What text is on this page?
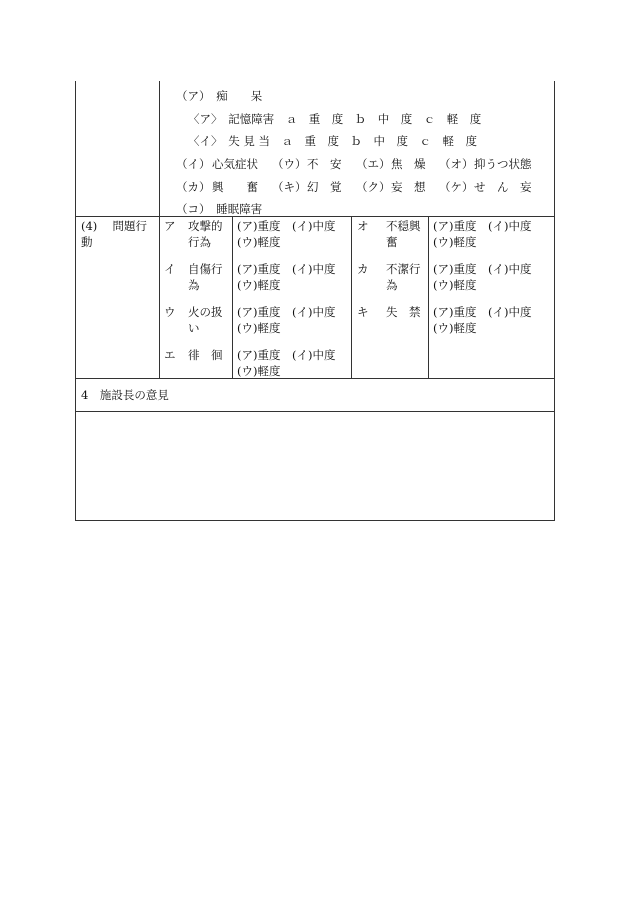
（ア）　痴　　呆
〈ア〉　記憶障害　ａ　重　度　ｂ　中　度　ｃ　軽　度
〈イ〉　失 見 当　ａ　重　度　ｂ　中　度　ｃ　軽　度
（イ） 心気症状 （ウ） 不　安 （エ） 焦　燥 （オ） 抑うつ状態
（カ） 興　　奮 （キ） 幻　覚 （ク） 妄　想 （ケ） せ　ん　妄
（コ）　睡眠障害
(4)　 問題行
動
ア 攻撃的
行為
(ア)重度　(イ)中度
(ウ)軽度
イ 自傷行
為
(ア)重度　(イ)中度
(ウ)軽度
ウ 火の扱
い
(ア)重度　(イ)中度
(ウ)軽度
エ 徘　徊 (ア)重度　(イ)中度
(ウ)軽度
オ 不穏興
奮
(ア)重度　(イ)中度
(ウ)軽度
カ 不潔行
為
(ア)重度　(イ)中度
(ウ)軽度
キ 失　禁 (ア)重度　(イ)中度
(ウ)軽度
4　施設長の意見
